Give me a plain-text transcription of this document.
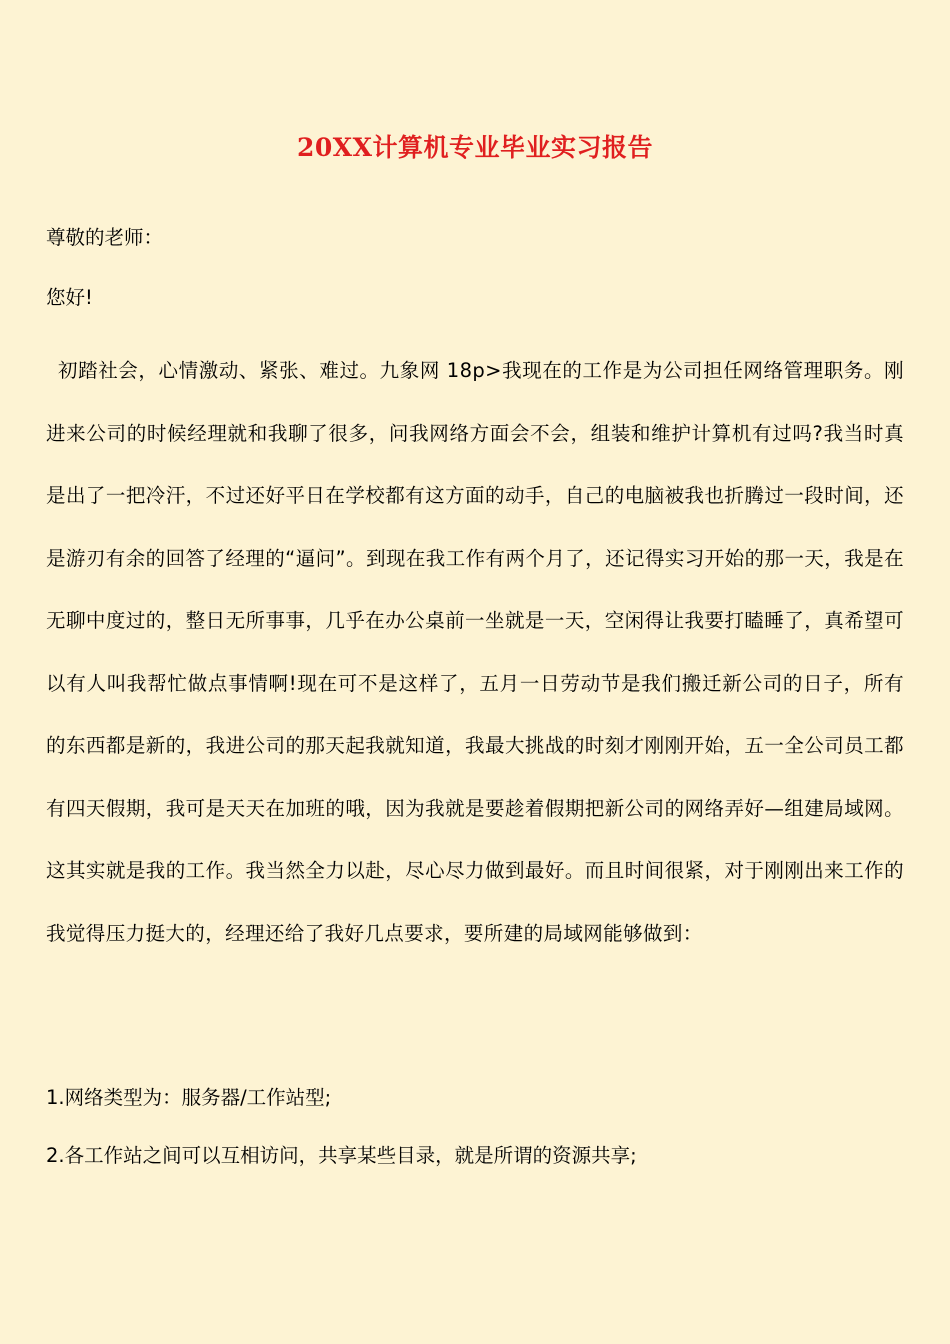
20XX计算机专业毕业实习报告
尊敬的老师：
您好!
初踏社会，心情激动、紧张、难过。九象网 18p>我现在的工作是为公司担任网络管理职务。刚进来公司的时候经理就和我聊了很多，问我网络方面会不会，组装和维护计算机有过吗?我当时真是出了一把冷汗，不过还好平日在学校都有这方面的动手，自己的电脑被我也折腾过一段时间，还是游刃有余的回答了经理的“逼问”。到现在我工作有两个月了，还记得实习开始的那一天，我是在无聊中度过的，整日无所事事，几乎在办公桌前一坐就是一天，空闲得让我要打瞌睡了，真希望可以有人叫我帮忙做点事情啊!现在可不是这样了，五月一日劳动节是我们搬迁新公司的日子，所有的东西都是新的，我进公司的那天起我就知道，我最大挑战的时刻才刚刚开始，五一全公司员工都有四天假期，我可是天天在加班的哦，因为我就是要趁着假期把新公司的网络弄好—组建局域网。这其实就是我的工作。我当然全力以赴，尽心尽力做到最好。而且时间很紧，对于刚刚出来工作的我觉得压力挺大的，经理还给了我好几点要求，要所建的局域网能够做到：
1.网络类型为：服务器/工作站型;
2.各工作站之间可以互相访问，共享某些目录，就是所谓的资源共享;
